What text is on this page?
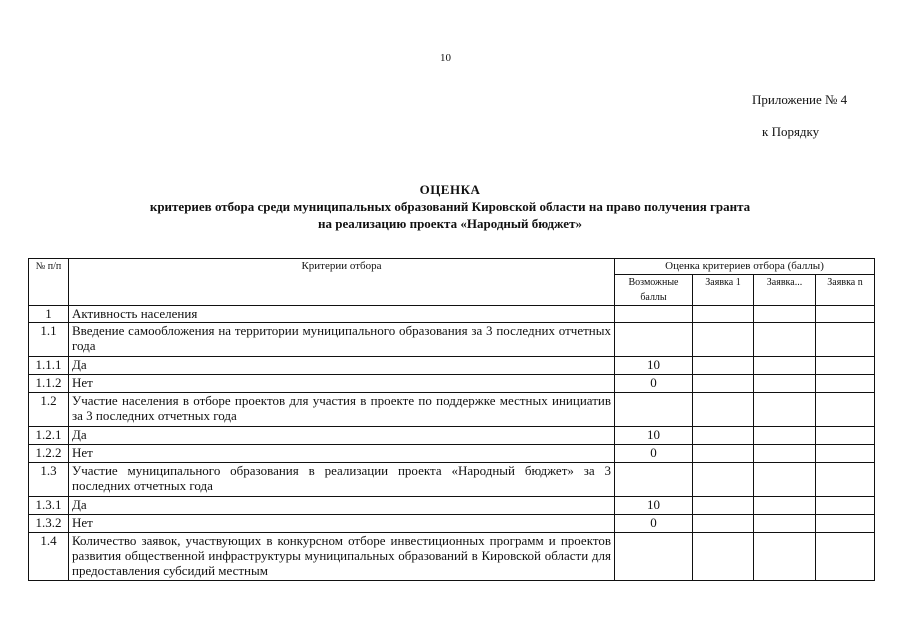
10
Приложение № 4
к Порядку
ОЦЕНКА
критериев отбора среди муниципальных образований Кировской области на право получения гранта
на реализацию проекта «Народный бюджет»
№ п/п	Критерии отбора	Оценка критериев отбора (баллы)			
		Возможные баллы	Заявка 1	Заявка...	Заявка n
1	Активность населения				
1.1	Введение самообложения на территории муниципального образования за 3 последних отчетных года				
1.1.1	Да	10			
1.1.2	Нет	0			
1.2	Участие населения в отборе проектов для участия в проекте по поддержке местных инициатив за 3 последних отчетных года				
1.2.1	Да	10			
1.2.2	Нет	0			
1.3	Участие муниципального образования в реализации проекта «Народный бюджет» за 3 последних отчетных года				
1.3.1	Да	10			
1.3.2	Нет	0			
1.4	Количество заявок, участвующих в конкурсном отборе инвестиционных программ и проектов развития общественной инфраструктуры муниципальных образований в Кировской области для предоставления субсидий местным				
